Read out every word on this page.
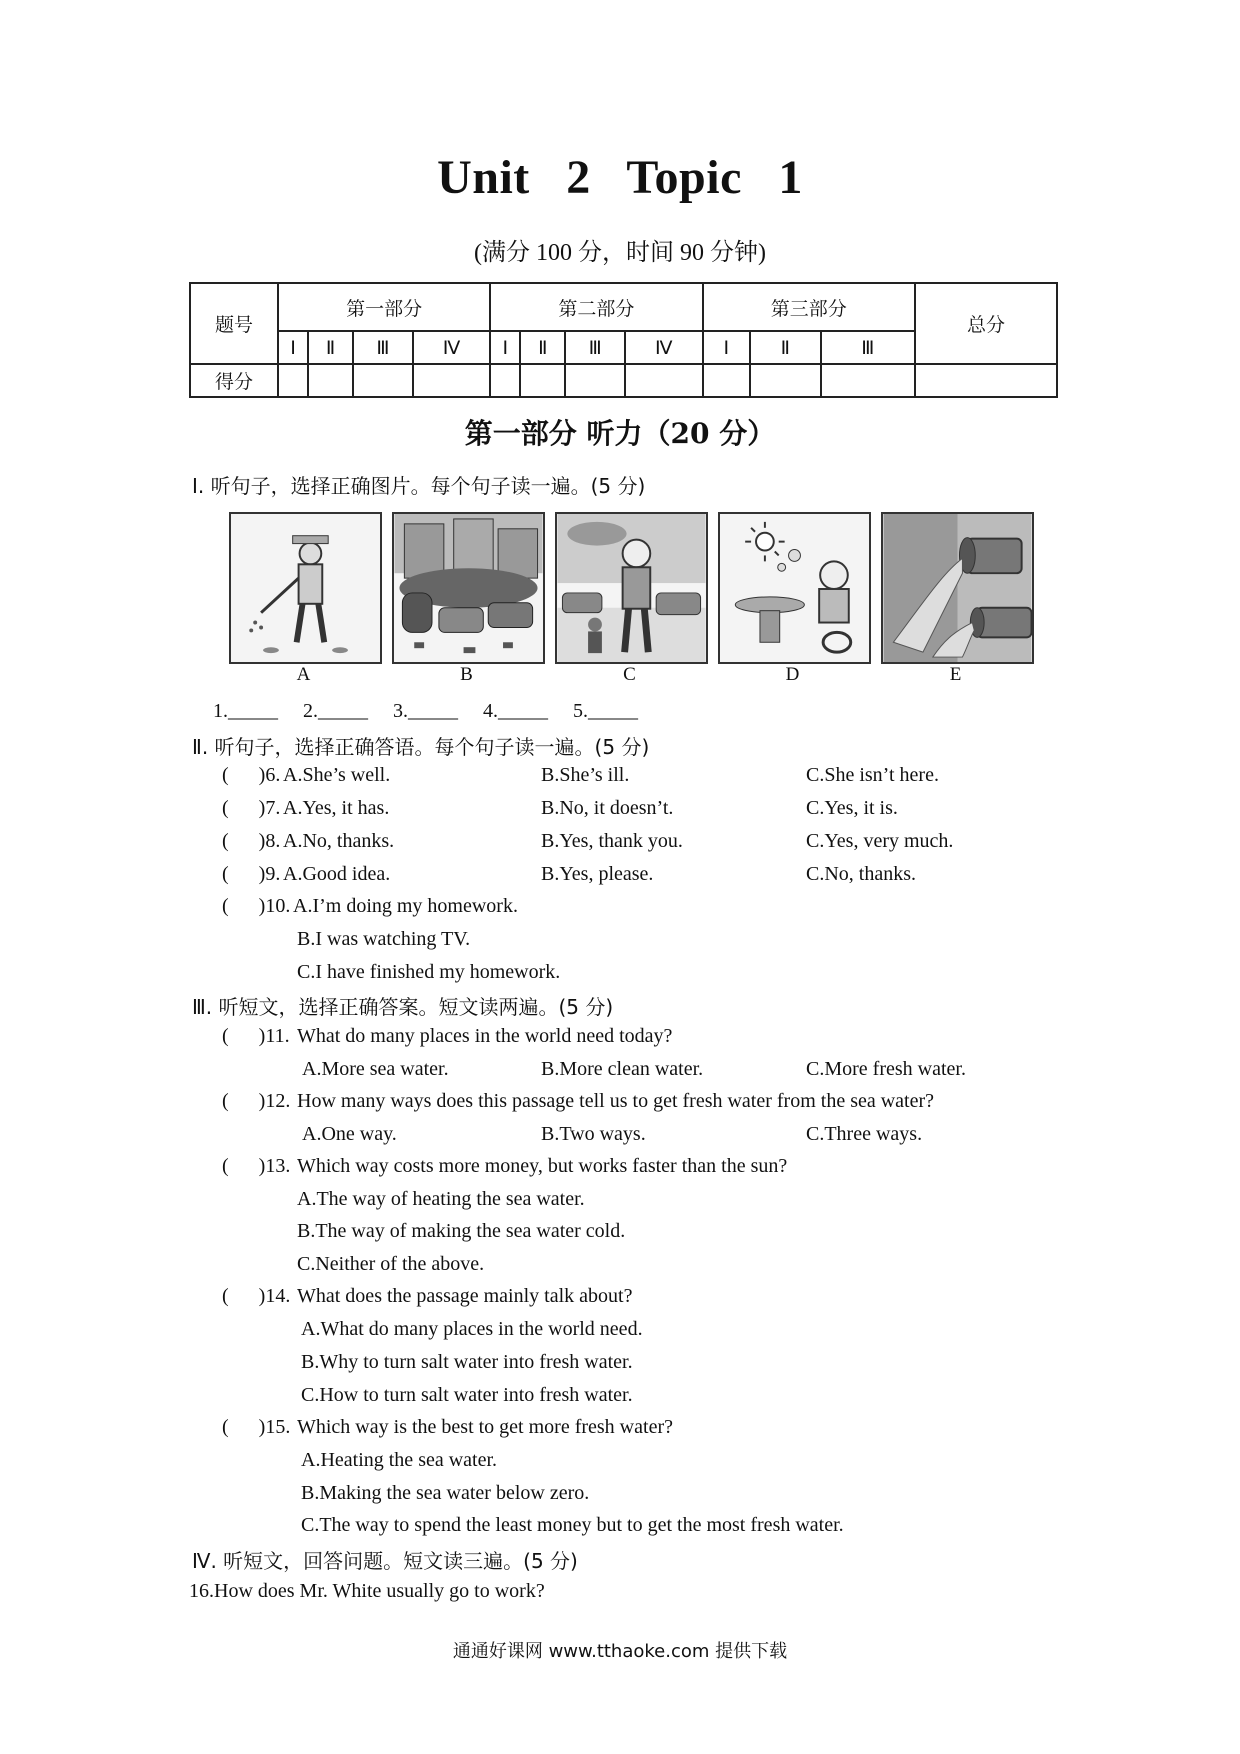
Unit 2 Topic 1
(满分 100 分，时间 90 分钟)
题号	第一部分				第二部分				第三部分			总分
	Ⅰ	Ⅱ	Ⅲ	Ⅳ	Ⅰ	Ⅱ	Ⅲ	Ⅳ	Ⅰ	Ⅱ	Ⅲ	
得分												
第一部分 听力（20 分）
Ⅰ. 听句子，选择正确图片。每个句子读一遍。(5 分)
A	B	C	D	E
1._____     2._____     3._____     4._____     5._____
Ⅱ. 听句子，选择正确答语。每个句子读一遍。(5 分)
(      )6. A.She’s well.	B.She’s ill.	C.She isn’t here.
(      )7. A.Yes, it has.	B.No, it doesn’t.	C.Yes, it is.
(      )8. A.No, thanks.	B.Yes, thank you.	C.Yes, very much.
(      )9. A.Good idea.	B.Yes, please.	C.No, thanks.
(      )10. A.I’m doing my homework.
B.I was watching TV.
C.I have finished my homework.
Ⅲ. 听短文，选择正确答案。短文读两遍。(5 分)
(      )11. What do many places in the world need today?
A.More sea water.	B.More clean water.	C.More fresh water.
(      )12. How many ways does this passage tell us to get fresh water from the sea water?
A.One way.	B.Two ways.	C.Three ways.
(      )13. Which way costs more money, but works faster than the sun?
A.The way of heating the sea water.
B.The way of making the sea water cold.
C.Neither of the above.
(      )14. What does the passage mainly talk about?
A.What do many places in the world need.
B.Why to turn salt water into fresh water.
C.How to turn salt water into fresh water.
(      )15. Which way is the best to get more fresh water?
A.Heating the sea water.
B.Making the sea water below zero.
C.The way to spend the least money but to get the most fresh water.
Ⅳ. 听短文，回答问题。短文读三遍。(5 分)
16.How does Mr. White usually go to work?
通通好课网 www.tthaoke.com 提供下载
